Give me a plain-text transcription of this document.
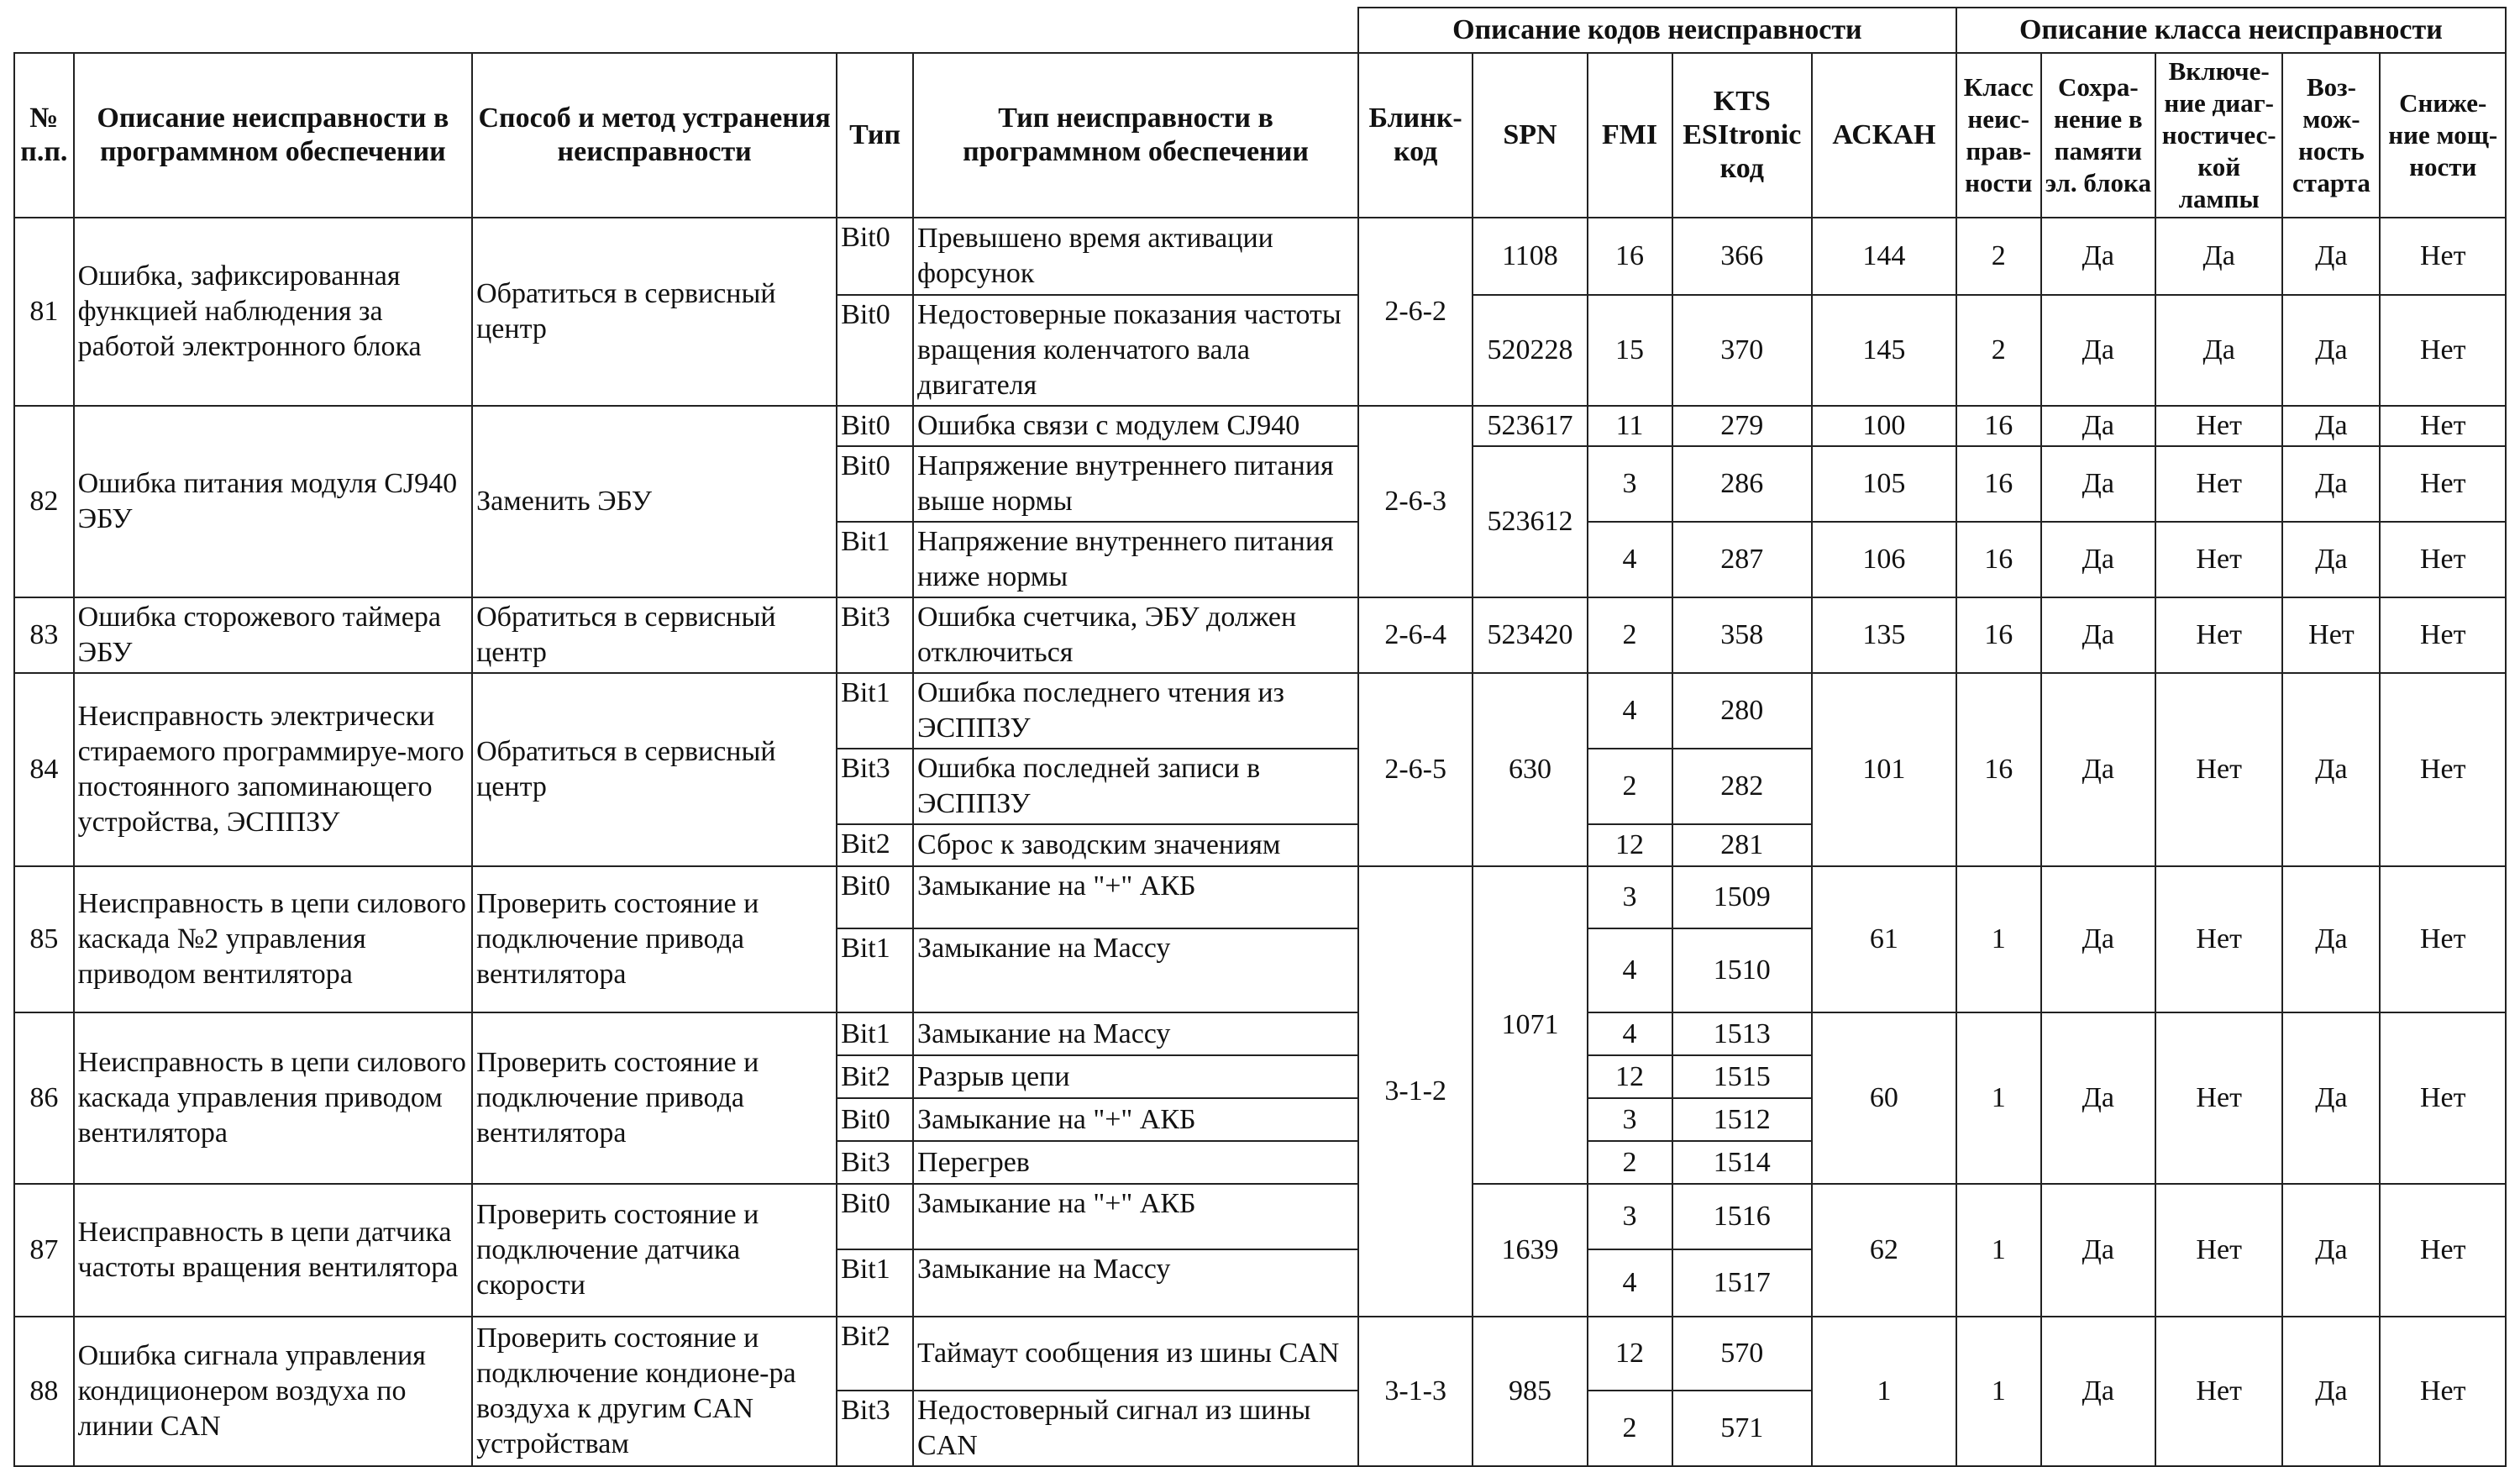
					Описание кодов неисправности					Описание класса неисправности				
№ п.п.	Описание неисправности в программном обеспечении	Способ и метод устранения неисправности	Тип	Тип неисправности в программном обеспечении	Блинк-код	SPN	FMI	KTS ESItronic код	АСКАН	Класс неис-прав-ности	Сохра-нение в памяти эл. блока	Включе-ние диаг-ностичес-кой лампы	Воз-мож-ность старта	Сниже-ние мощ-ности
81	Ошибка, зафиксированная функцией наблюдения за работой электронного блока	Обратиться в сервисный центр	Bit0	Превышено время активации форсунок	2-6-2	1108	16	366	144	2	Да	Да	Да	Нет
			Bit0	Недостоверные показания частоты вращения коленчатого вала двигателя		520228	15	370	145	2	Да	Да	Да	Нет
82	Ошибка питания модуля CJ940 ЭБУ	Заменить ЭБУ	Bit0	Ошибка связи с модулем CJ940	2-6-3	523617	11	279	100	16	Да	Нет	Да	Нет
			Bit0	Напряжение внутреннего питания выше нормы		523612	3	286	105	16	Да	Нет	Да	Нет
			Bit1	Напряжение внутреннего питания ниже нормы			4	287	106	16	Да	Нет	Да	Нет
83	Ошибка сторожевого таймера ЭБУ	Обратиться в сервисный центр	Bit3	Ошибка счетчика, ЭБУ должен отключиться	2-6-4	523420	2	358	135	16	Да	Нет	Нет	Нет
84	Неисправность электрически стираемого программируе-мого постоянного запоминающего устройства, ЭСППЗУ	Обратиться в сервисный центр	Bit1	Ошибка последнего чтения из ЭСППЗУ	2-6-5	630	4	280	101	16	Да	Нет	Да	Нет
			Bit3	Ошибка последней записи в ЭСППЗУ			2	282						
			Bit2	Сброс к заводским значениям			12	281						
85	Неисправность в цепи силового каскада №2 управления приводом вентилятора	Проверить состояние и подключение привода вентилятора	Bit0	Замыкание на "+" АКБ	3-1-2	1071	3	1509	61	1	Да	Нет	Да	Нет
			Bit1	Замыкание на Массу			4	1510						
86	Неисправность в цепи силового каскада управления приводом вентилятора	Проверить состояние и подключение привода вентилятора	Bit1	Замыкание на Массу			4	1513	60	1	Да	Нет	Да	Нет
			Bit2	Разрыв цепи			12	1515						
			Bit0	Замыкание на "+" АКБ			3	1512						
			Bit3	Перегрев			2	1514						
87	Неисправность в цепи датчика частоты вращения вентилятора	Проверить состояние и подключение датчика скорости	Bit0	Замыкание на "+" АКБ		1639	3	1516	62	1	Да	Нет	Да	Нет
			Bit1	Замыкание на Массу			4	1517						
88	Ошибка сигнала управления кондиционером воздуха по линии CAN	Проверить состояние и подключение кондионе-ра воздуха к другим CAN устройствам	Bit2	Таймаут сообщения из шины CAN	3-1-3	985	12	570	1	1	Да	Нет	Да	Нет
			Bit3	Недостоверный сигнал из шины CAN			2	571						
